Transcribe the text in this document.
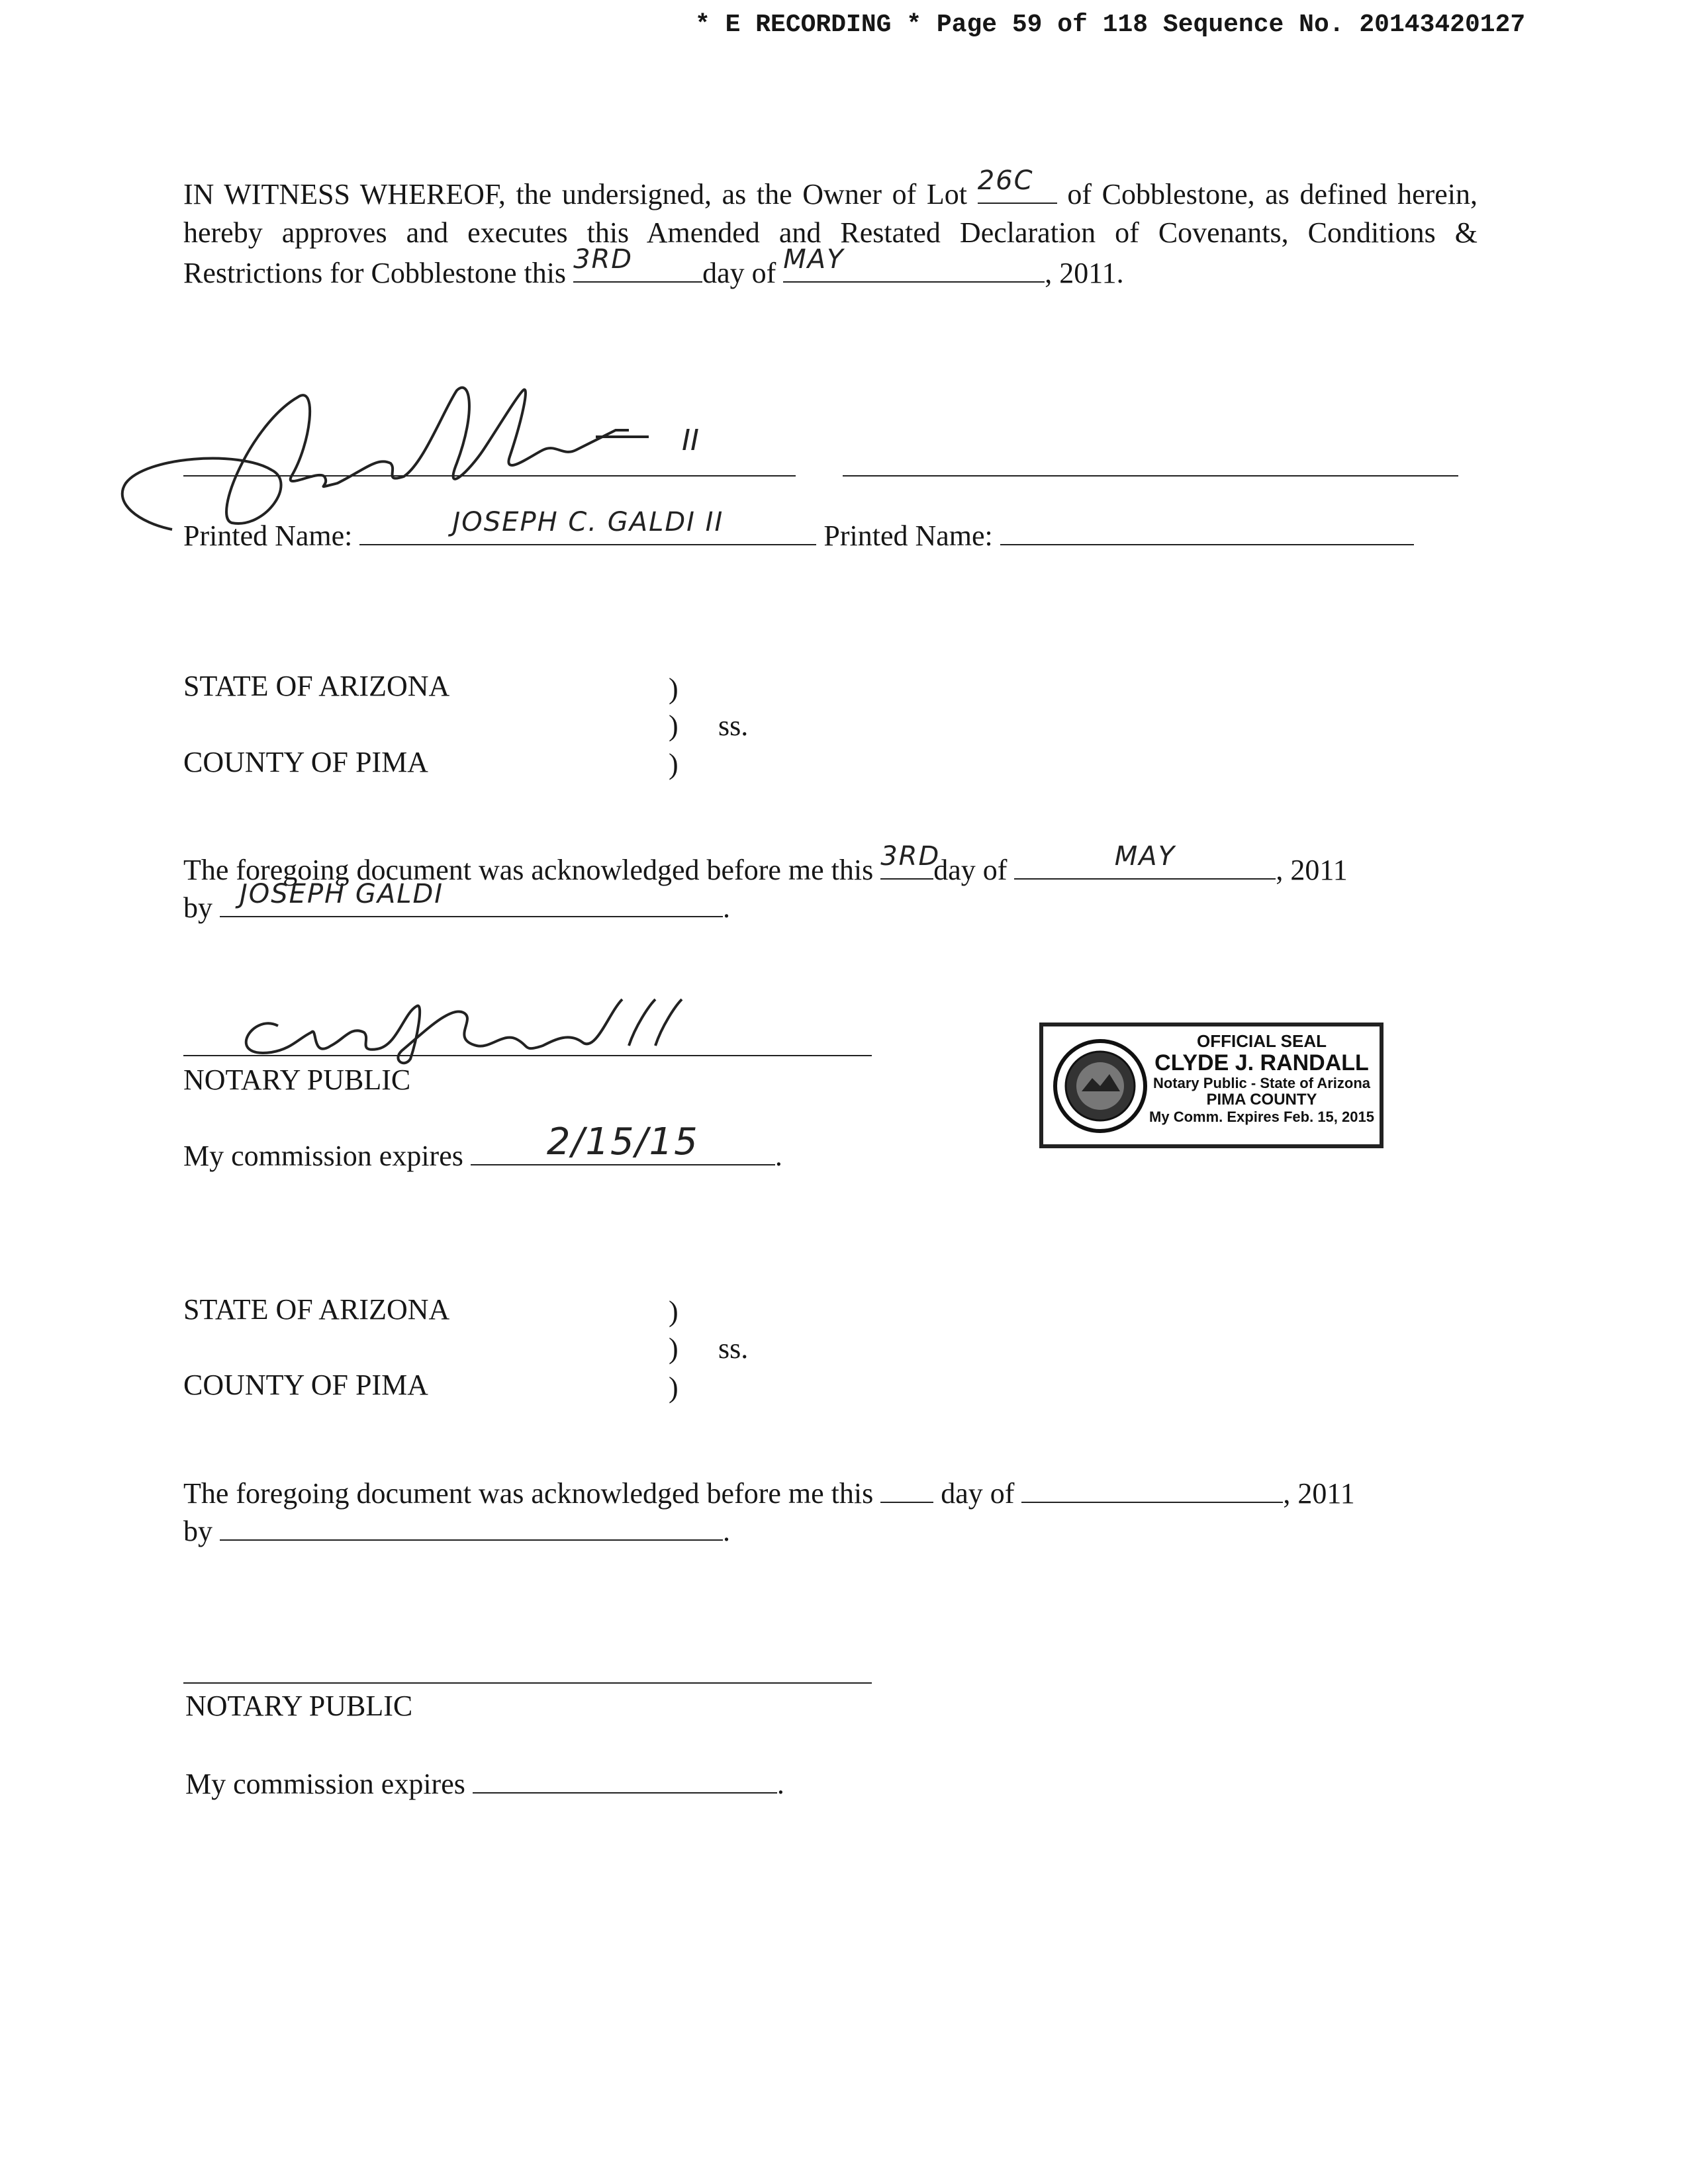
* E RECORDING * Page 59 of 118 Sequence No. 20143420127
IN WITNESS WHEREOF, the undersigned, as the Owner of Lot 26C	of Cobblestone, as defined herein, hereby approves and executes this Amended and Restated Declaration of Covenants, Conditions & Restrictions for Cobblestone this 3RD	day of MAY	, 2011.
II
Printed Name:	JOSEPH C. GALDI II	Printed Name:
STATE OF ARIZONA	)
) ss.
COUNTY OF PIMA	)
The foregoing document was acknowledged before me this 3RD
day of	MAY	, 2011
by JOSEPH GALDI	.
NOTARY PUBLIC
My commission expires	2/15/15	.
OFFICIAL SEAL
CLYDE J. RANDALL
Notary Public - State of Arizona
PIMA COUNTY
My Comm. Expires Feb. 15, 2015
STATE OF ARIZONA	)
) ss.
COUNTY OF PIMA	)
The foregoing document was acknowledged before me this day of	, 2011
by	.
NOTARY PUBLIC
My commission expires	.
